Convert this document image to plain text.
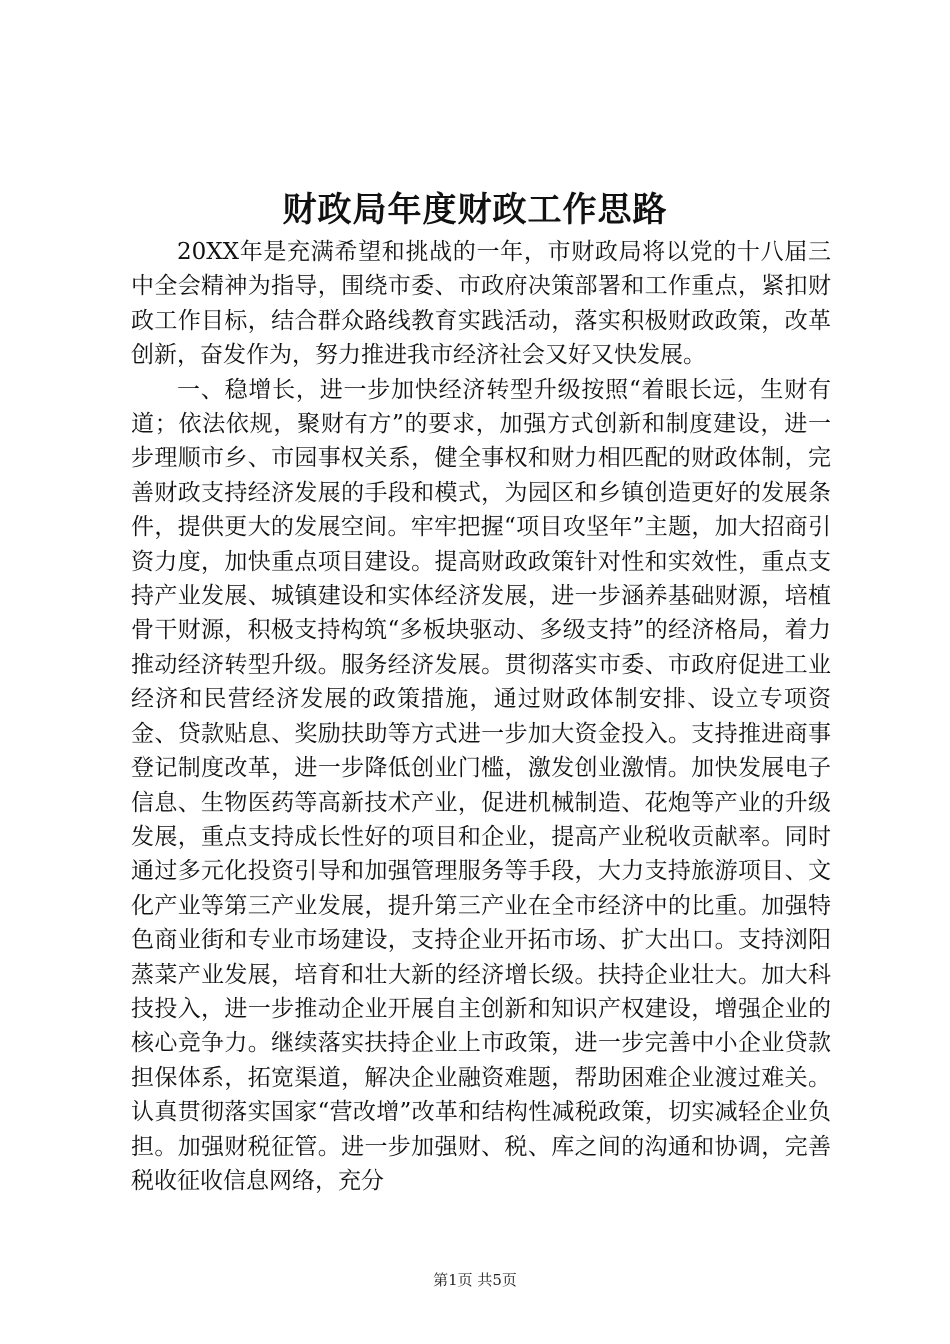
财政局年度财政工作思路

20XX年是充满希望和挑战的一年，市财政局将以党的十八届三中全会精神为指导，围绕市委、市政府决策部署和工作重点，紧扣财政工作目标，结合群众路线教育实践活动，落实积极财政政策，改革创新，奋发作为，努力推进我市经济社会又好又快发展。

一、稳增长，进一步加快经济转型升级按照“着眼长远，生财有道；依法依规，聚财有方”的要求，加强方式创新和制度建设，进一步理顺市乡、市园事权关系，健全事权和财力相匹配的财政体制，完善财政支持经济发展的手段和模式，为园区和乡镇创造更好的发展条件，提供更大的发展空间。牢牢把握“项目攻坚年”主题，加大招商引资力度，加快重点项目建设。提高财政政策针对性和实效性，重点支持产业发展、城镇建设和实体经济发展，进一步涵养基础财源，培植骨干财源，积极支持构筑“多板块驱动、多级支持”的经济格局，着力推动经济转型升级。服务经济发展。贯彻落实市委、市政府促进工业经济和民营经济发展的政策措施，通过财政体制安排、设立专项资金、贷款贴息、奖励扶助等方式进一步加大资金投入。支持推进商事登记制度改革，进一步降低创业门槛，激发创业激情。加快发展电子信息、生物医药等高新技术产业，促进机械制造、花炮等产业的升级发展，重点支持成长性好的项目和企业，提高产业税收贡献率。同时通过多元化投资引导和加强管理服务等手段，大力支持旅游项目、文化产业等第三产业发展，提升第三产业在全市经济中的比重。加强特色商业街和专业市场建设，支持企业开拓市场、扩大出口。支持浏阳蒸菜产业发展，培育和壮大新的经济增长级。扶持企业壮大。加大科技投入，进一步推动企业开展自主创新和知识产权建设，增强企业的核心竞争力。继续落实扶持企业上市政策，进一步完善中小企业贷款担保体系，拓宽渠道，解决企业融资难题，帮助困难企业渡过难关。认真贯彻落实国家“营改增”改革和结构性减税政策，切实减轻企业负担。加强财税征管。进一步加强财、税、库之间的沟通和协调，完善税收征收信息网络，充分

第1页 共5页
